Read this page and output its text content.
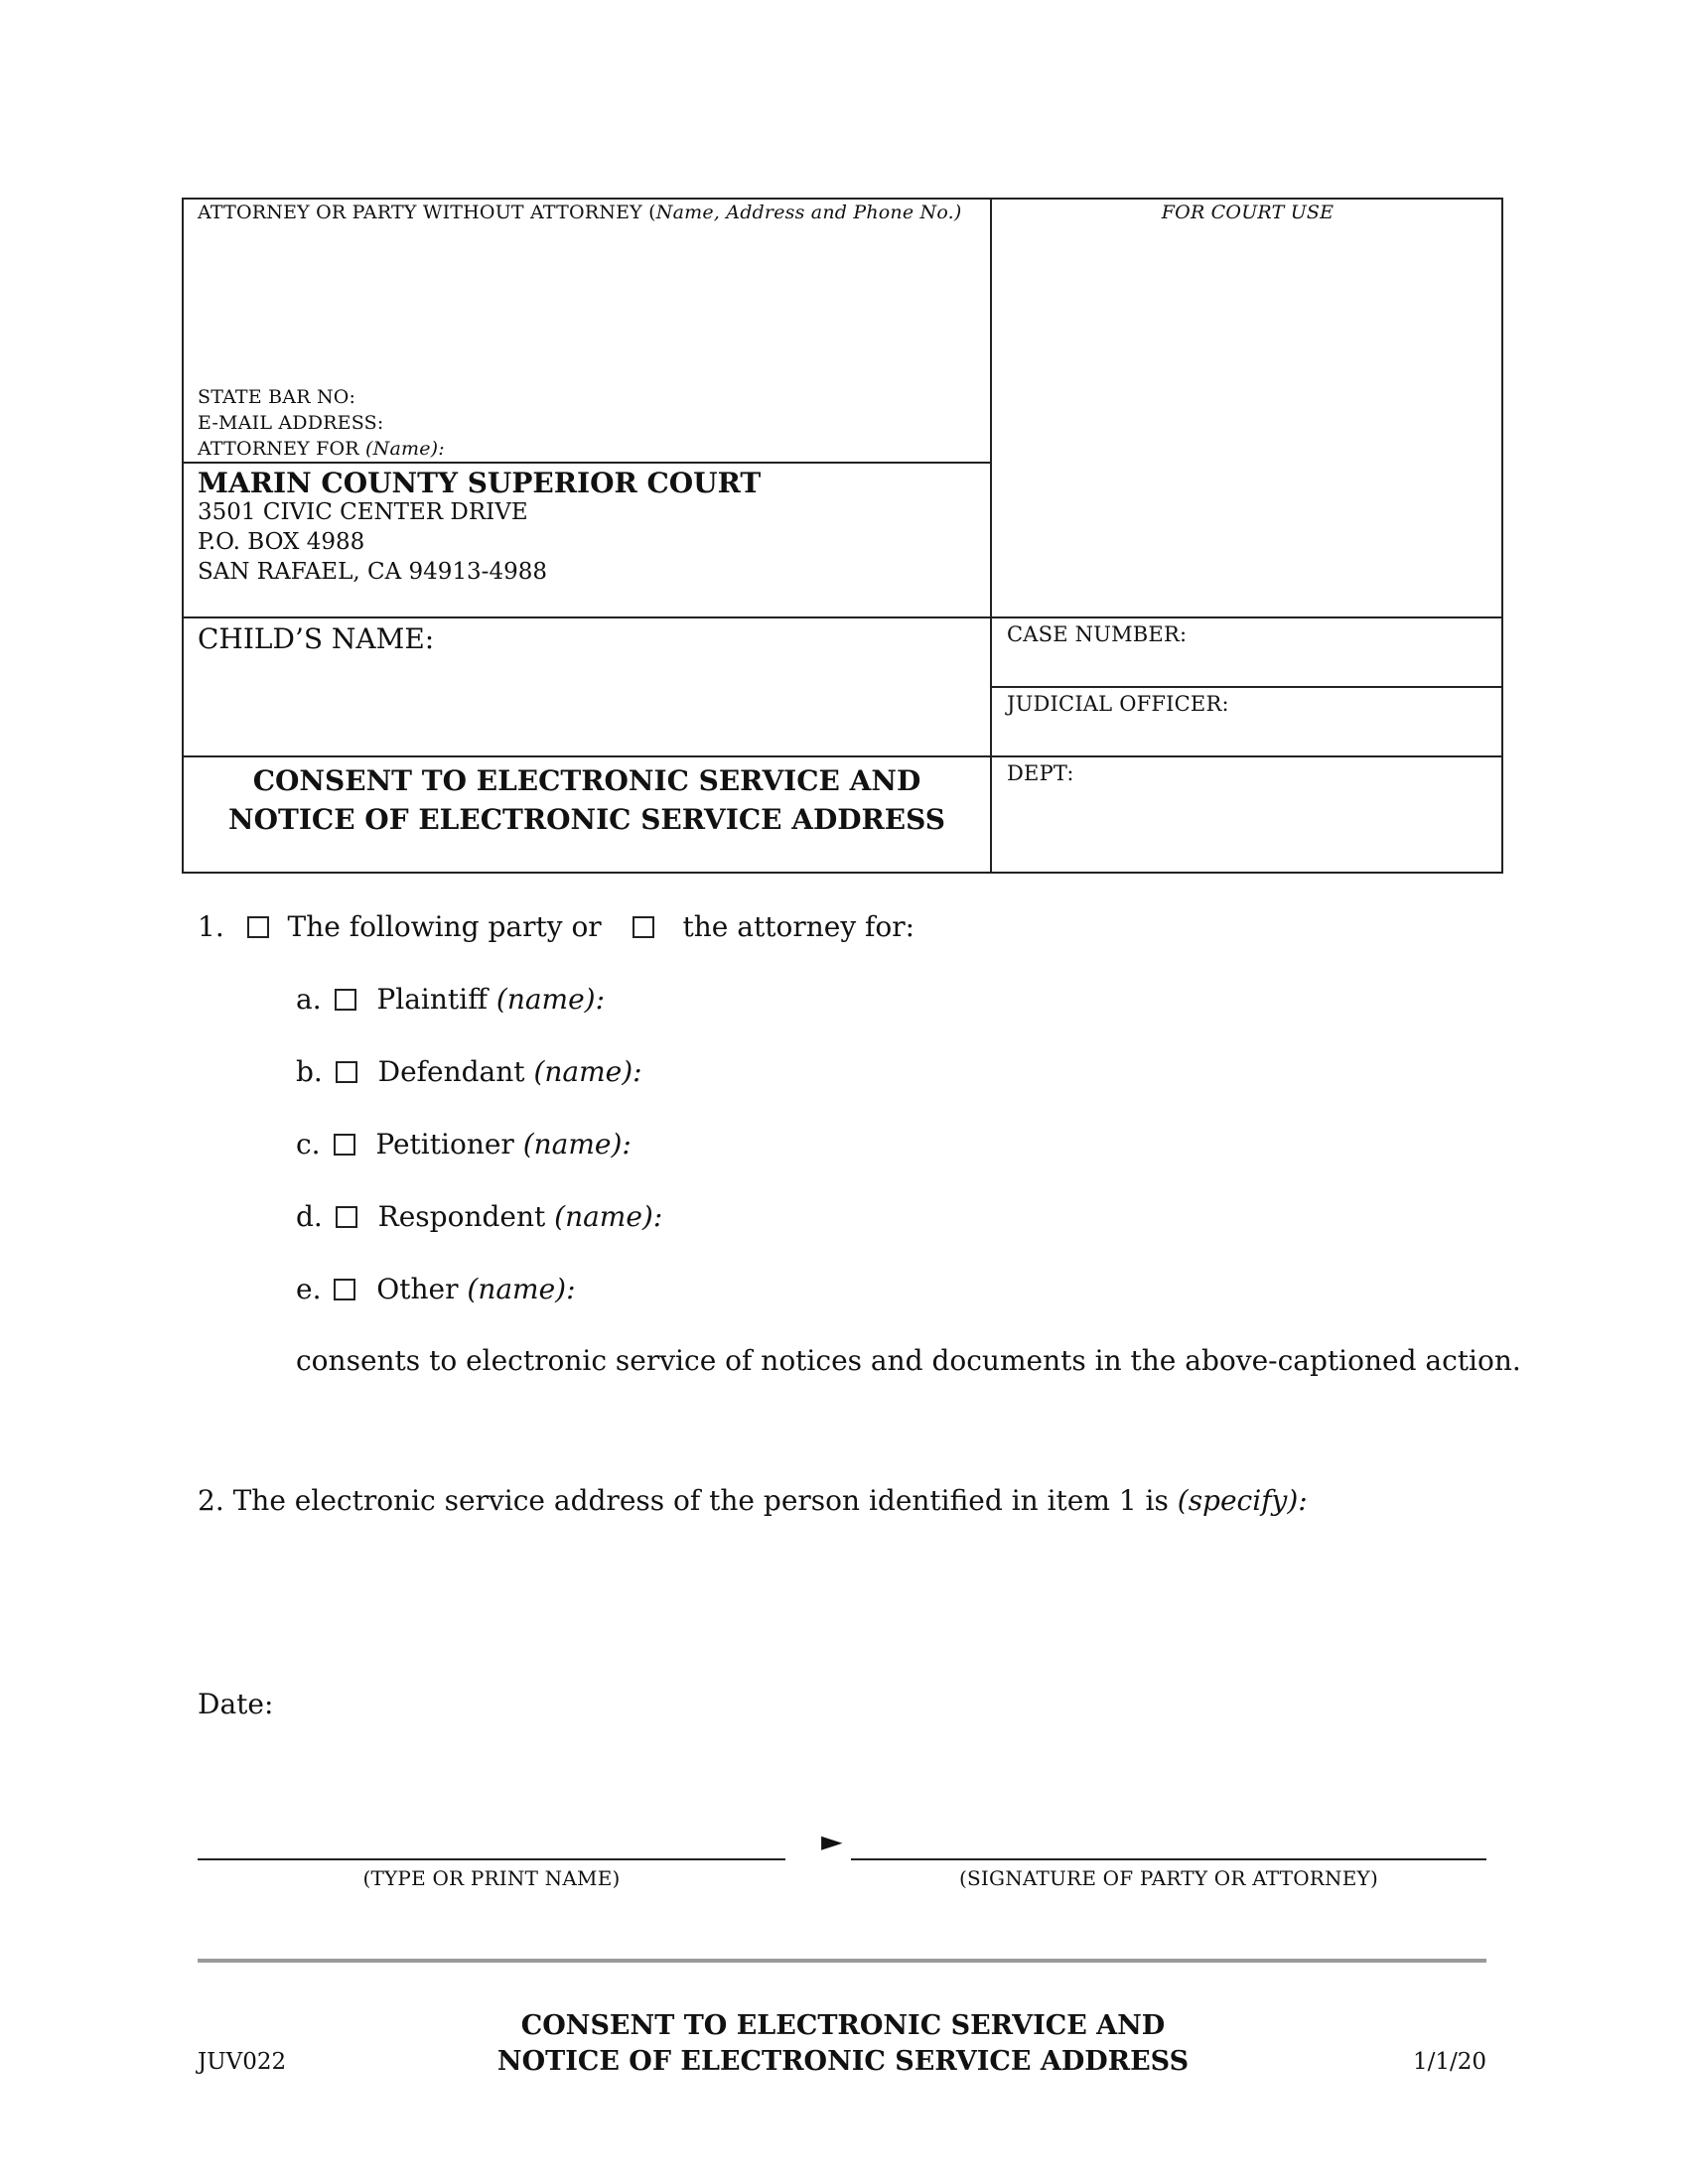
ATTORNEY OR PARTY WITHOUT ATTORNEY (Name, Address and Phone No.)
STATE BAR NO:
E-MAIL ADDRESS:
ATTORNEY FOR (Name):
FOR COURT USE
MARIN COUNTY SUPERIOR COURT
3501 CIVIC CENTER DRIVE
P.O. BOX 4988
SAN RAFAEL, CA 94913-4988
CHILD’S NAME:	CASE NUMBER:
JUDICIAL OFFICER:
DEPT:
CONSENT TO ELECTRONIC SERVICE AND
NOTICE OF ELECTRONIC SERVICE ADDRESS
1. The following party or	the attorney for:
a. Plaintiff (name):
b. Defendant (name):
c. Petitioner (name):
d. Respondent (name):
e. Other (name):
consents to electronic service of notices and documents in the above-captioned action.
2. The electronic service address of the person identified in item 1 is (specify):
Date:
►
(TYPE OR PRINT NAME)	(SIGNATURE OF PARTY OR ATTORNEY)
CONSENT TO ELECTRONIC SERVICE AND
NOTICE OF ELECTRONIC SERVICE ADDRESS
JUV022	1/1/20
